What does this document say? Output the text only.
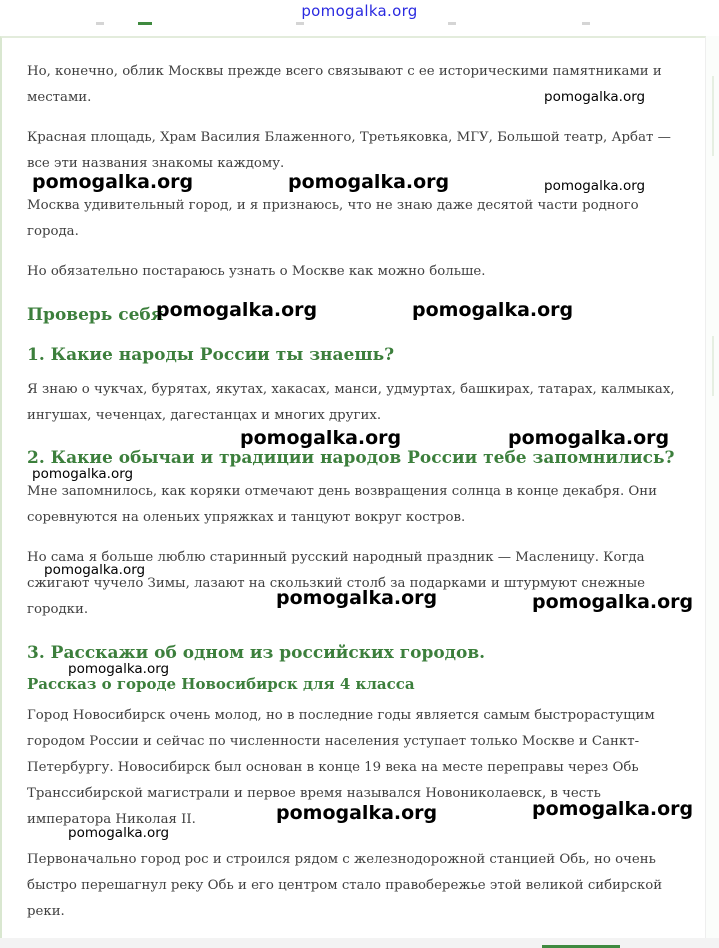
pomogalka.org

Но, конечно, облик Москвы прежде всего связывают с ее историческими памятниками и местами.

Красная площадь, Храм Василия Блаженного, Третьяковка, МГУ, Большой театр, Арбат — все эти названия знакомы каждому.

Москва удивительный город, и я признаюсь, что не знаю даже десятой части родного города.

Но обязательно постараюсь узнать о Москве как можно больше.

Проверь себя
1. Какие народы России ты знаешь?

Я знаю о чукчах, бурятах, якутах, хакасах, манси, удмуртах, башкирах, татарах, калмыках, ингушах, чеченцах, дагестанцах и многих других.

2. Какие обычаи и традиции народов России тебе запомнились?

Мне запомнилось, как коряки отмечают день возвращения солнца в конце декабря. Они соревнуются на оленьих упряжках и танцуют вокруг костров.

Но сама я больше люблю старинный русский народный праздник — Масленицу. Когда сжигают чучело Зимы, лазают на скользкий столб за подарками и штурмуют снежные городки.

3. Расскажи об одном из российских городов.
Рассказ о городе Новосибирск для 4 класса

Город Новосибирск очень молод, но в последние годы является самым быстрорастущим городом России и сейчас по численности населения уступает только Москве и Санкт-Петербургу. Новосибирск был основан в конце 19 века на месте переправы через Обь Транссибирской магистрали и первое время назывался Новониколаевск, в честь императора Николая II.

Первоначально город рос и строился рядом с железнодорожной станцией Обь, но очень быстро перешагнул реку Обь и его центром стало правобережье этой великой сибирской реки.

pomogalka.org
pomogalka.org	pomogalka.org	pomogalka.org
pomogalka.org	pomogalka.org
pomogalka.org	pomogalka.org
pomogalka.org
pomogalka.org
pomogalka.org	pomogalka.org
pomogalka.org
pomogalka.org
pomogalka.org
pomogalka.org
